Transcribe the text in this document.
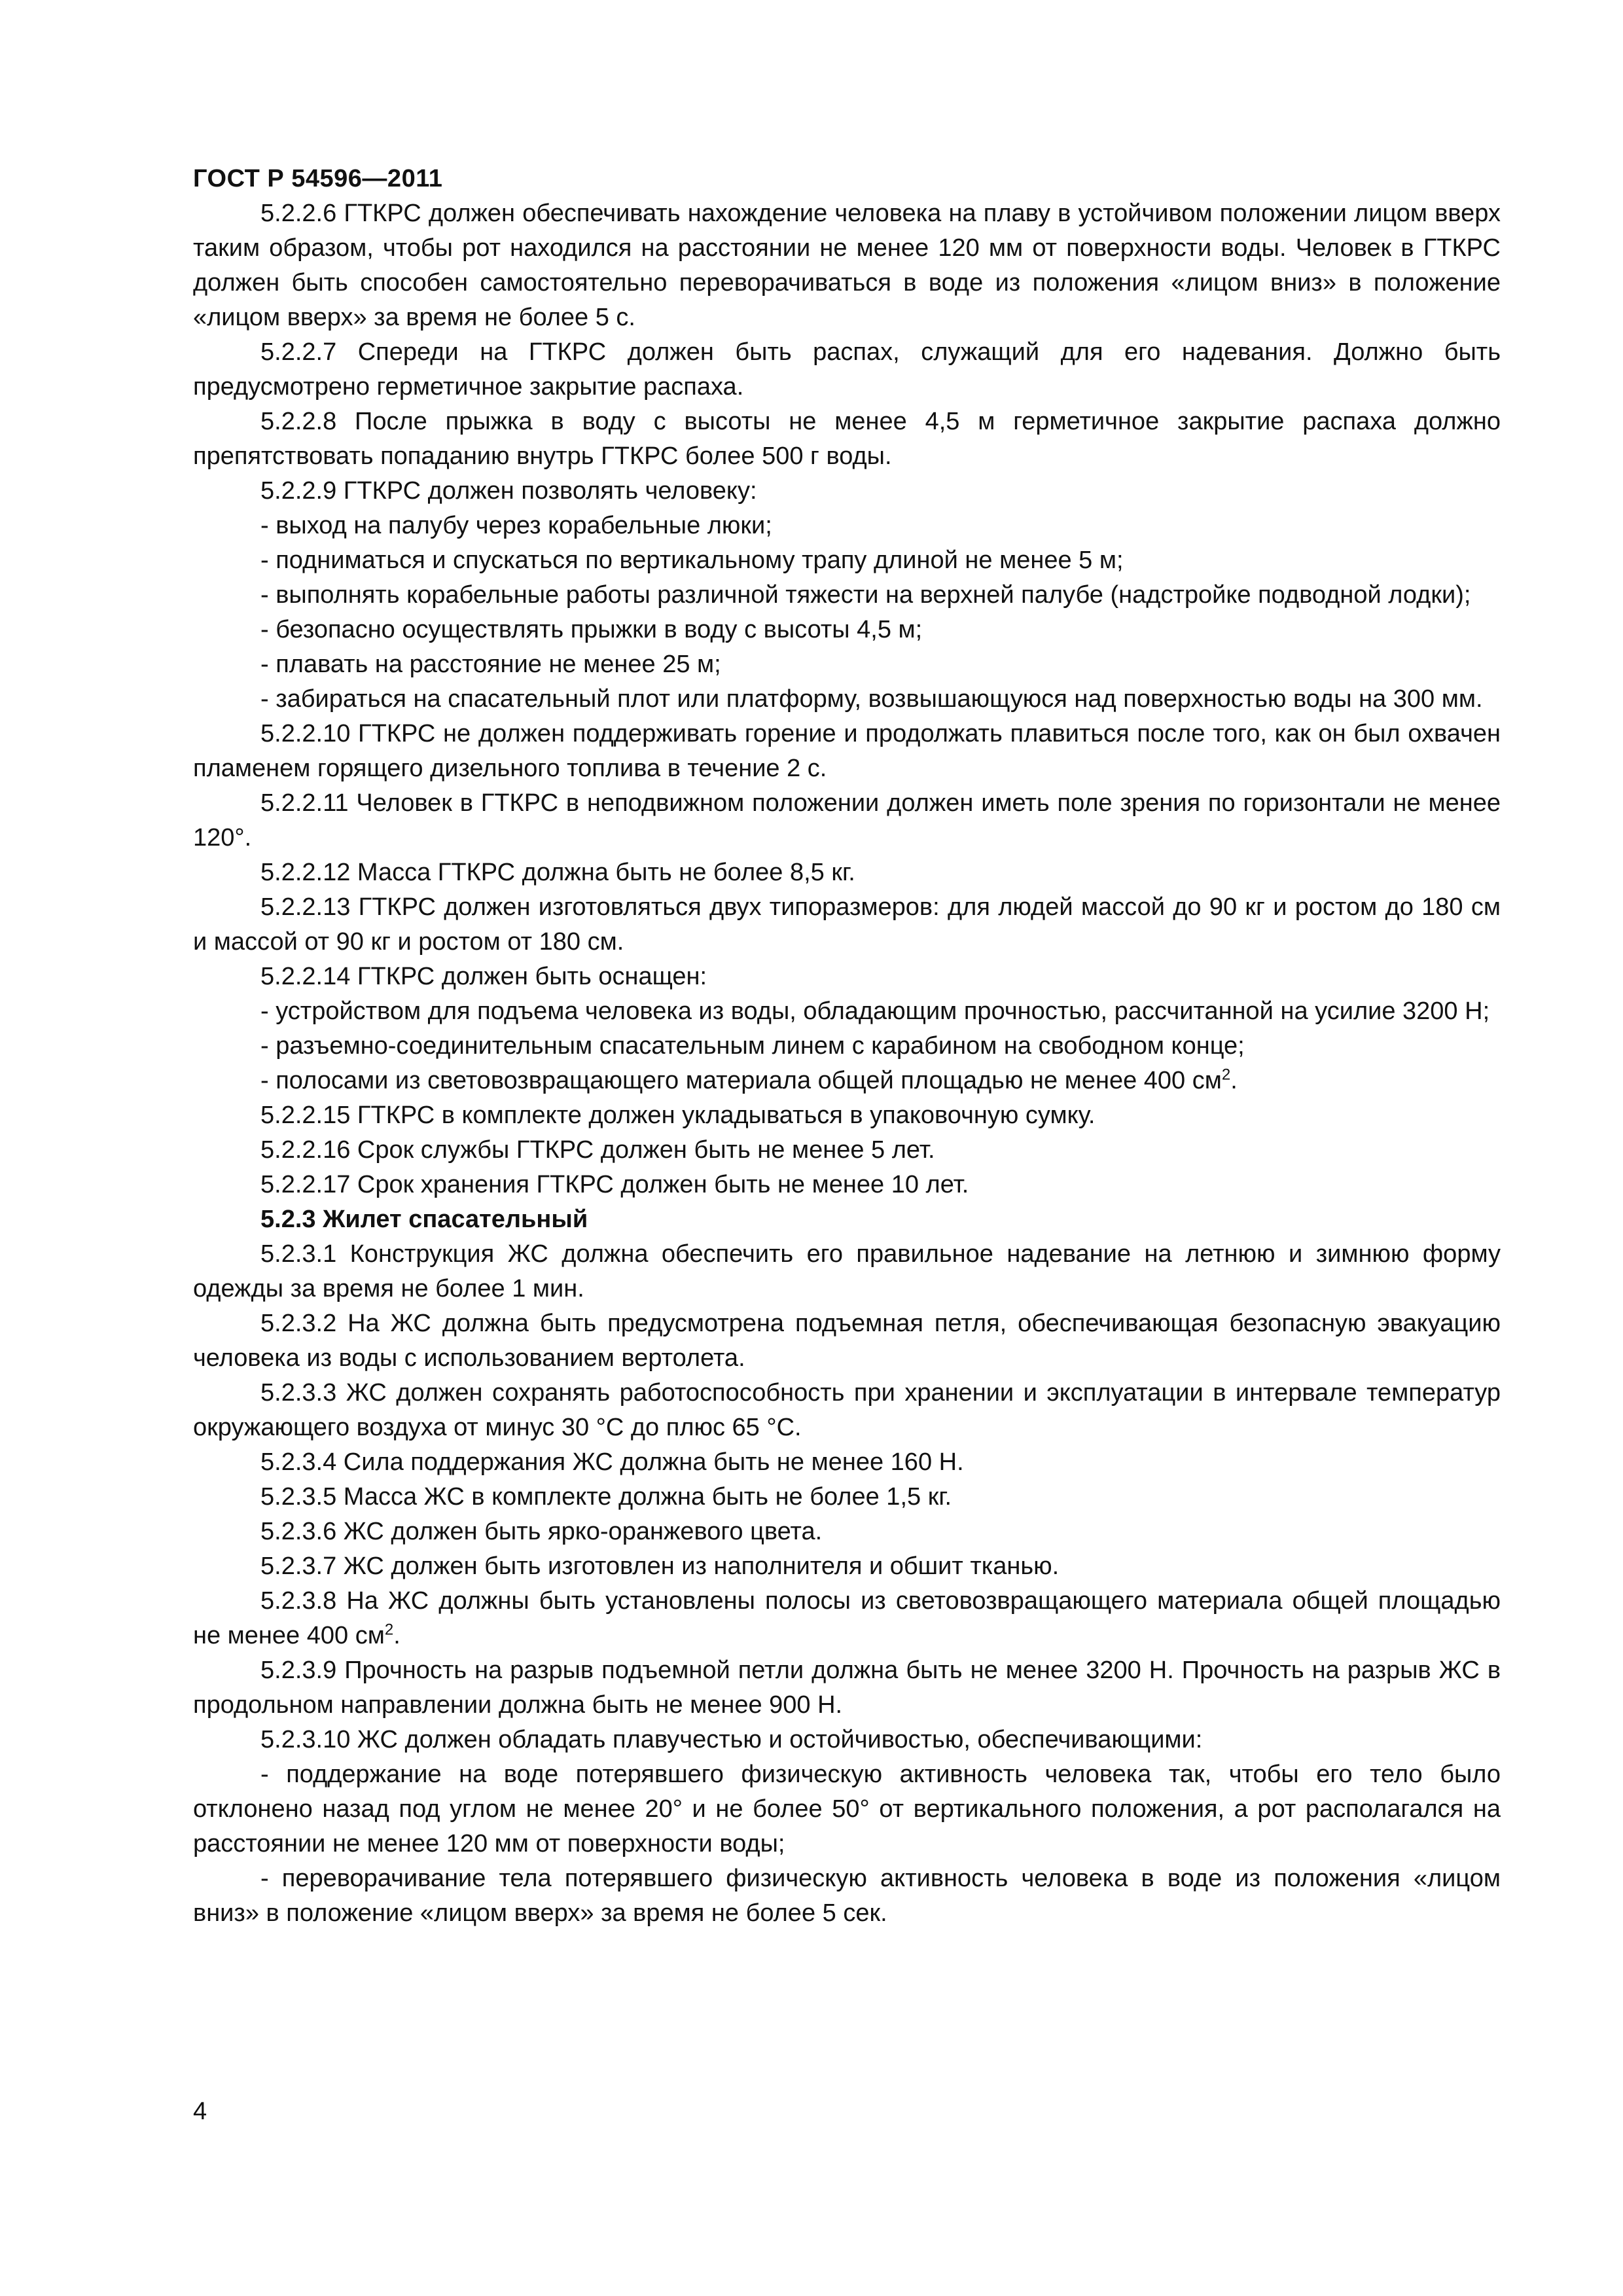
ГОСТ Р 54596—2011

5.2.2.6 ГТКРС должен обеспечивать нахождение человека на плаву в устойчивом положении лицом вверх таким образом, чтобы рот находился на расстоянии не менее 120 мм от поверхности воды. Человек в ГТКРС должен быть способен самостоятельно переворачиваться в воде из положения «лицом вниз» в положение «лицом вверх» за время не более 5 с.

5.2.2.7 Спереди на ГТКРС должен быть распах, служащий для его надевания. Должно быть предусмотрено герметичное закрытие распаха.

5.2.2.8 После прыжка в воду с высоты не менее 4,5 м герметичное закрытие распаха должно препятствовать попаданию внутрь ГТКРС более 500 г воды.

5.2.2.9 ГТКРС должен позволять человеку:

- выход на палубу через корабельные люки;

- подниматься и спускаться по вертикальному трапу длиной не менее 5 м;

- выполнять корабельные работы различной тяжести на верхней палубе (надстройке подводной лодки);

- безопасно осуществлять прыжки в воду с высоты 4,5 м;

- плавать на расстояние не менее 25 м;

- забираться на спасательный плот или платформу, возвышающуюся над поверхностью воды на 300 мм.

5.2.2.10 ГТКРС не должен поддерживать горение и продолжать плавиться после того, как он был охвачен пламенем горящего дизельного топлива в течение 2 с.

5.2.2.11 Человек в ГТКРС в неподвижном положении должен иметь поле зрения по горизонтали не менее 120°.

5.2.2.12 Масса ГТКРС должна быть не более 8,5 кг.

5.2.2.13 ГТКРС должен изготовляться двух типоразмеров: для людей массой до 90 кг и ростом до 180 см и массой от 90 кг и ростом от 180 см.

5.2.2.14 ГТКРС должен быть оснащен:

- устройством для подъема человека из воды, обладающим прочностью, рассчитанной на усилие 3200 Н;

- разъемно-соединительным спасательным линем с карабином на свободном конце;

- полосами из световозвращающего материала общей площадью не менее 400 $см^2$.

5.2.2.15 ГТКРС в комплекте должен укладываться в упаковочную сумку.

5.2.2.16 Срок службы ГТКРС должен быть не менее 5 лет.

5.2.2.17 Срок хранения ГТКРС должен быть не менее 10 лет.

5.2.3 Жилет спасательный

5.2.3.1 Конструкция ЖС должна обеспечить его правильное надевание на летнюю и зимнюю форму одежды за время не более 1 мин.

5.2.3.2 На ЖС должна быть предусмотрена подъемная петля, обеспечивающая безопасную эвакуацию человека из воды с использованием вертолета.

5.2.3.3 ЖС должен сохранять работоспособность при хранении и эксплуатации в интервале температур окружающего воздуха от минус 30 °С до плюс 65 °С.

5.2.3.4 Сила поддержания ЖС должна быть не менее 160 Н.

5.2.3.5 Масса ЖС в комплекте должна быть не более 1,5 кг.

5.2.3.6 ЖС должен быть ярко-оранжевого цвета.

5.2.3.7 ЖС должен быть изготовлен из наполнителя и обшит тканью.

5.2.3.8 На ЖС должны быть установлены полосы из световозвращающего материала общей площадью не менее 400 $см^2$.

5.2.3.9 Прочность на разрыв подъемной петли должна быть не менее 3200 Н. Прочность на разрыв ЖС в продольном направлении должна быть не менее 900 Н.

5.2.3.10 ЖС должен обладать плавучестью и остойчивостью, обеспечивающими:

- поддержание на воде потерявшего физическую активность человека так, чтобы его тело было отклонено назад под углом не менее 20° и не более 50° от вертикального положения, а рот располагался на расстоянии не менее 120 мм от поверхности воды;

- переворачивание тела потерявшего физическую активность человека в воде из положения «лицом вниз» в положение «лицом вверх» за время не более 5 сек.

4
